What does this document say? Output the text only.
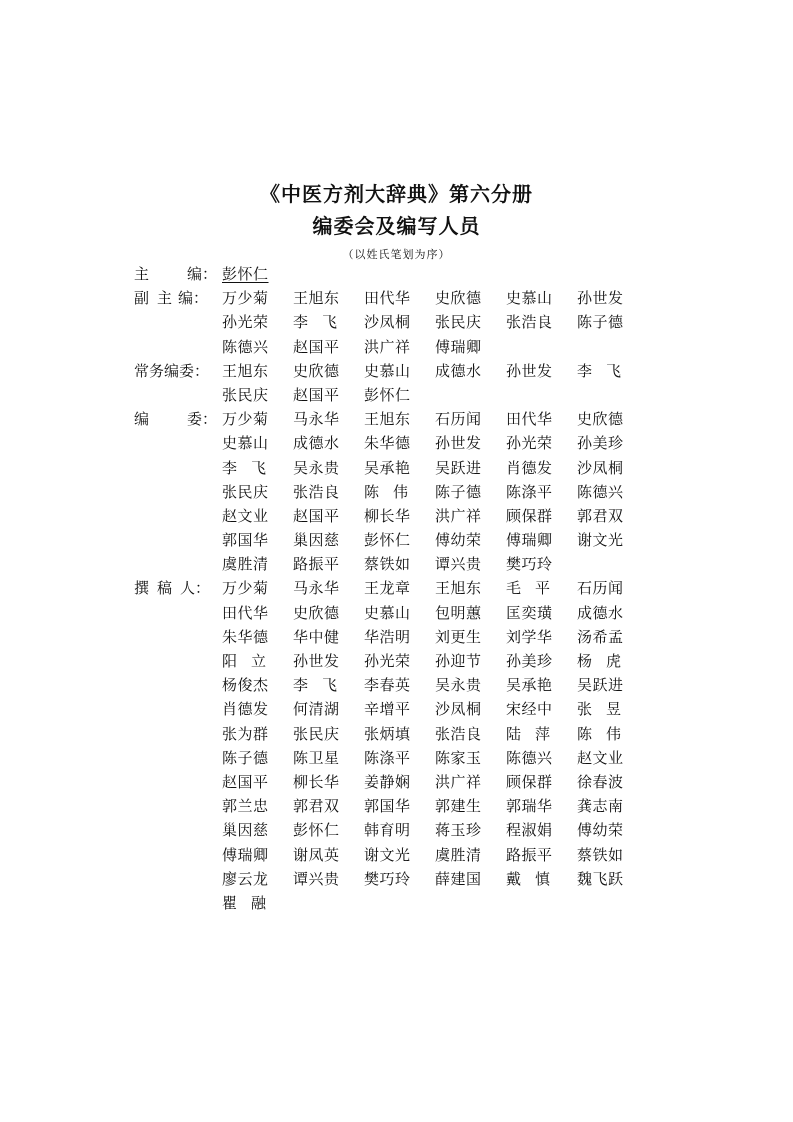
《中医方剂大辞典》第六分册
编委会及编写人员
（以姓氏笔划为序）
主	编： 彭怀仁
副 主 编： 万少菊	王旭东	田代华	史欣德	史慕山	孙世发
孙光荣	李飞 沙凤桐	张民庆	张浩良	陈子德
陈德兴	赵国平	洪广祥	傅瑞卿
常务编委： 王旭东	史欣德	史慕山	成德水	孙世发	李飞
张民庆	赵国平	彭怀仁
编	委： 万少菊	马永华	王旭东	石历闻	田代华	史欣德
史慕山	成德水	朱华德	孙世发	孙光荣	孙美珍
李飞 吴永贵	吴承艳	吴跃进	肖德发	沙凤桐
张民庆	张浩良	陈伟 陈子德	陈涤平	陈德兴
赵文业	赵国平	柳长华	洪广祥	顾保群	郭君双
郭国华	巢因慈	彭怀仁	傅幼荣	傅瑞卿	谢文光
虞胜清	路振平	蔡铁如	谭兴贵	樊巧玲
撰 稿 人： 万少菊	马永华	王龙章	王旭东	毛平 石历闻
田代华	史欣德	史慕山	包明蕙	匡奕璜	成德水
朱华德	华中健	华浩明	刘更生	刘学华	汤希孟
阳立 孙世发	孙光荣	孙迎节	孙美珍	杨虎
杨俊杰	李飞 李春英	吴永贵	吴承艳	吴跃进
肖德发	何清湖	辛增平	沙凤桐	宋经中	张昱
张为群	张民庆	张炳填	张浩良	陆萍 陈伟
陈子德	陈卫星	陈涤平	陈家玉	陈德兴	赵文业
赵国平	柳长华	姜静娴	洪广祥	顾保群	徐春波
郭兰忠	郭君双	郭国华	郭建生	郭瑞华	龚志南
巢因慈	彭怀仁	韩育明	蒋玉珍	程淑娟	傅幼荣
傅瑞卿	谢凤英	谢文光	虞胜清	路振平	蔡铁如
廖云龙	谭兴贵	樊巧玲	薛建国	戴慎 魏飞跃
瞿融
